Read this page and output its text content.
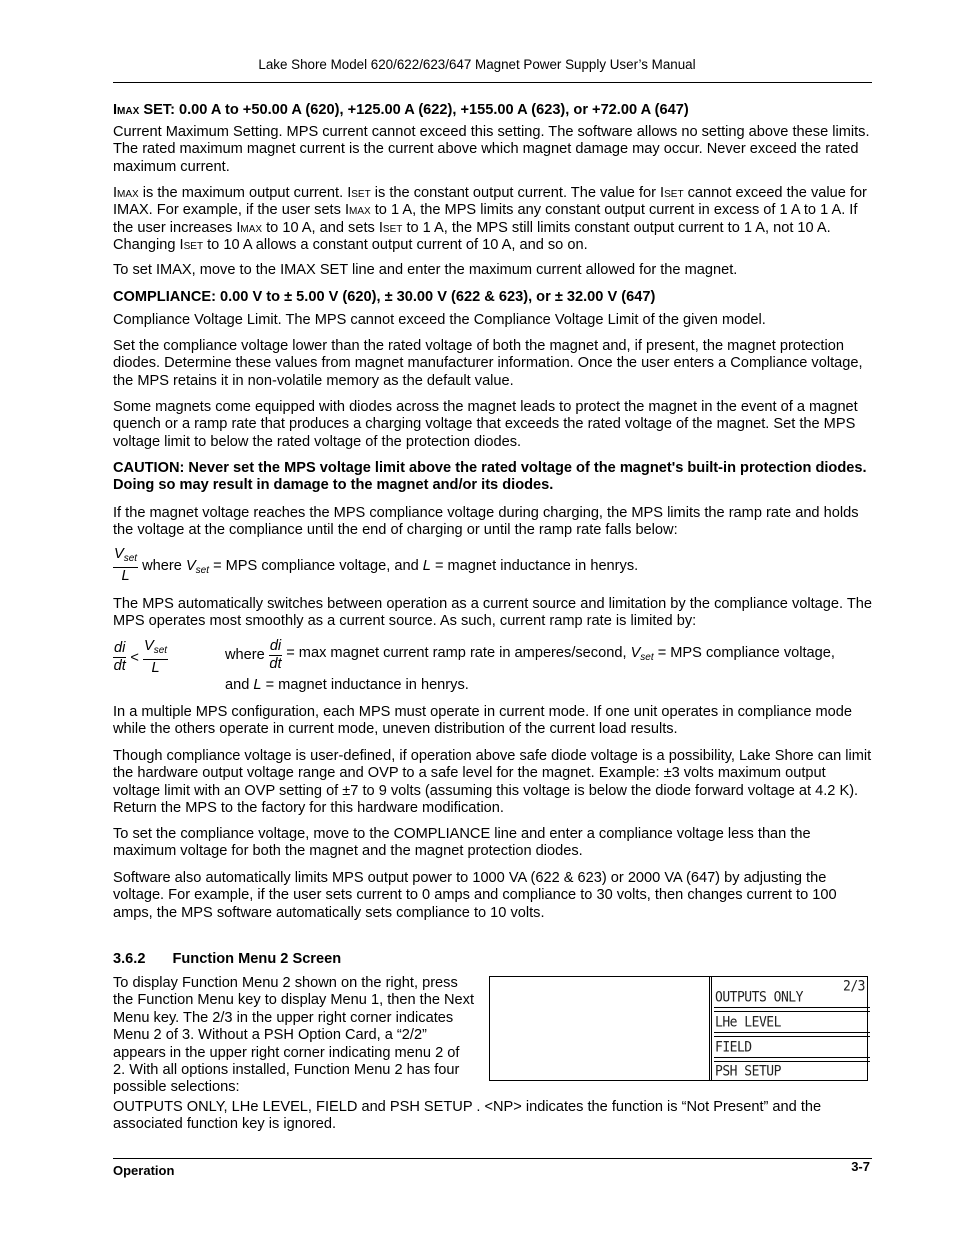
Lake Shore Model 620/622/623/647 Magnet Power Supply User’s Manual
Imax SET: 0.00 A to +50.00 A (620), +125.00 A (622), +155.00 A (623), or +72.00 A (647)

Current Maximum Setting. MPS current cannot exceed this setting. The software allows no setting above these limits. The rated maximum magnet current is the current above which magnet damage may occur. Never exceed the rated maximum current.

Imax is the maximum output current. Iset is the constant output current. The value for Iset cannot exceed the value for IMAX. For example, if the user sets Imax to 1 A, the MPS limits any constant output current in excess of 1 A to 1 A. If the user increases Imax to 10 A, and sets Iset to 1 A, the MPS still limits constant output current to 1 A, not 10 A. Changing Iset to 10 A allows a constant output current of 10 A, and so on.

To set IMAX, move to the IMAX SET line and enter the maximum current allowed for the magnet.

COMPLIANCE: 0.00 V to ± 5.00 V (620), ± 30.00 V (622 & 623), or ± 32.00 V (647)

Compliance Voltage Limit. The MPS cannot exceed the Compliance Voltage Limit of the given model.

Set the compliance voltage lower than the rated voltage of both the magnet and, if present, the magnet protection diodes. Determine these values from magnet manufacturer information. Once the user enters a Compliance voltage, the MPS retains it in non-volatile memory as the default value.

Some magnets come equipped with diodes across the magnet leads to protect the magnet in the event of a magnet quench or a ramp rate that produces a charging voltage that exceeds the rated voltage of the magnet. Set the MPS voltage limit to below the rated voltage of the protection diodes.

CAUTION: Never set the MPS voltage limit above the rated voltage of the magnet's built-in protection diodes. Doing so may result in damage to the magnet and/or its diodes.

If the magnet voltage reaches the MPS compliance voltage during charging, the MPS limits the ramp rate and holds the voltage at the compliance until the end of charging or until the ramp rate falls below:

$\frac{V_{set}}{L}$ where $V_{set}$ = MPS compliance voltage, and L = magnet inductance in henrys.

The MPS automatically switches between operation as a current source and limitation by the compliance voltage. The MPS operates most smoothly as a current source. As such, current ramp rate is limited by:

$\frac{di}{dt} < \frac{V_{set}}{L}$	where $\frac{di}{dt} = \max$ magnet current ramp rate in amperes/second, $V_{set}$ = MPS compliance voltage,
and L = magnet inductance in henrys.

In a multiple MPS configuration, each MPS must operate in current mode. If one unit operates in compliance mode while the others operate in current mode, uneven distribution of the current load results.

Though compliance voltage is user-defined, if operation above safe diode voltage is a possibility, Lake Shore can limit the hardware output voltage range and OVP to a safe level for the magnet. Example: ±3 volts maximum output voltage limit with an OVP setting of ±7 to 9 volts (assuming this voltage is below the diode forward voltage at 4.2 K). Return the MPS to the factory for this hardware modification.

To set the compliance voltage, move to the COMPLIANCE line and enter a compliance voltage less than the maximum voltage for both the magnet and the magnet protection diodes.

Software also automatically limits MPS output power to 1000 VA (622 & 623) or 2000 VA (647) by adjusting the voltage. For example, if the user sets current to 0 amps and compliance to 30 volts, then changes current to 100 amps, the MPS software automatically sets compliance to 10 volts.

3.6.2 Function Menu 2 Screen

To display Function Menu 2 shown on the right, press the Function Menu key to display Menu 1, then the Next Menu key. The 2/3 in the upper right corner indicates Menu 2 of 3. Without a PSH Option Card, a “2/2” appears in the upper right corner indicating menu 2 of 2. With all options installed, Function Menu 2 has four possible selections:

OUTPUTS ONLY, LHe LEVEL, FIELD and PSH SETUP . <NP> indicates the function is “Not Present” and the associated function key is ignored.

2/3
OUTPUTS ONLY
LHe LEVEL
FIELD
PSH SETUP
Operation	3-7
